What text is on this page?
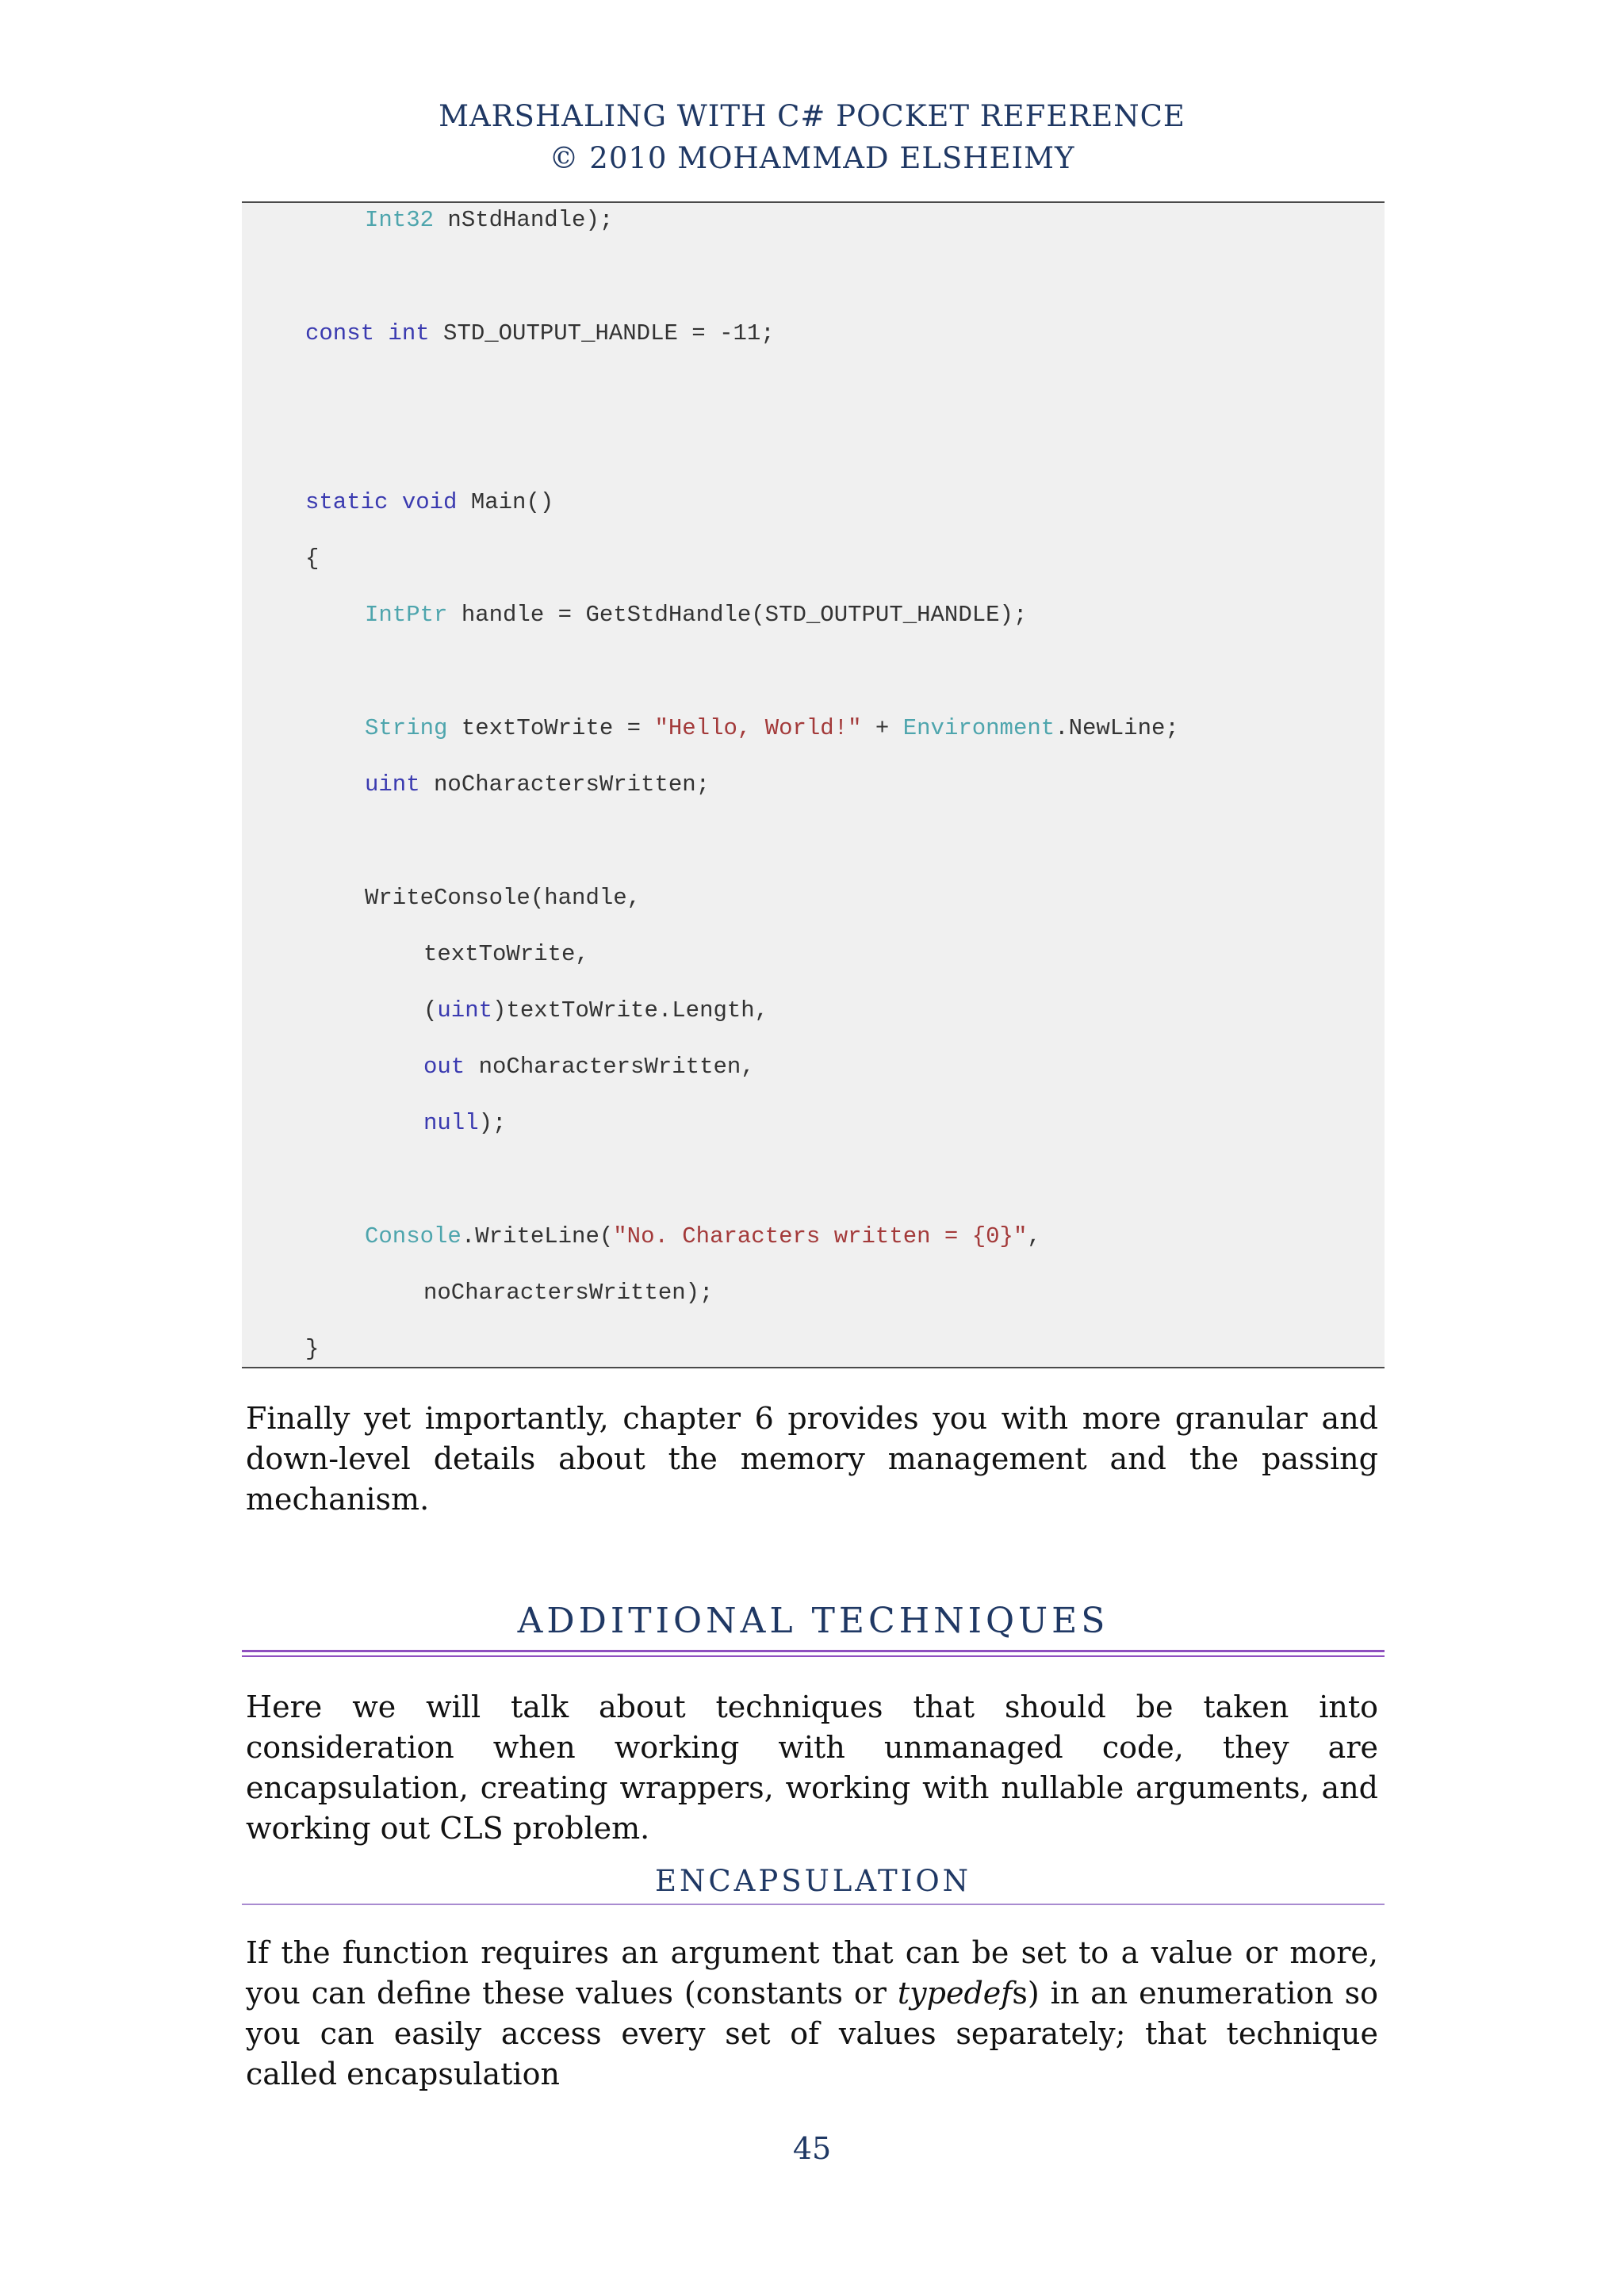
MARSHALING WITH C# POCKET REFERENCE
© 2010 MOHAMMAD ELSHEIMY
Int32 nStdHandle);
const int STD_OUTPUT_HANDLE = -11;
static void Main()
{
IntPtr handle = GetStdHandle(STD_OUTPUT_HANDLE);
String textToWrite = "Hello, World!" + Environment.NewLine;
uint noCharactersWritten;
WriteConsole(handle,
textToWrite,
(uint)textToWrite.Length,
out noCharactersWritten,
null);
Console.WriteLine("No. Characters written = {0}",
noCharactersWritten);
}
Finally yet importantly, chapter 6 provides you with more granular and down-level details about the memory management and the passing mechanism.
ADDITIONAL TECHNIQUES
Here we will talk about techniques that should be taken into consideration when working with unmanaged code, they are encapsulation, creating wrappers, working with nullable arguments, and working out CLS problem.
ENCAPSULATION
If the function requires an argument that can be set to a value or more, you can define these values (constants or typedefs) in an enumeration so you can easily access every set of values separately; that technique called encapsulation
45
